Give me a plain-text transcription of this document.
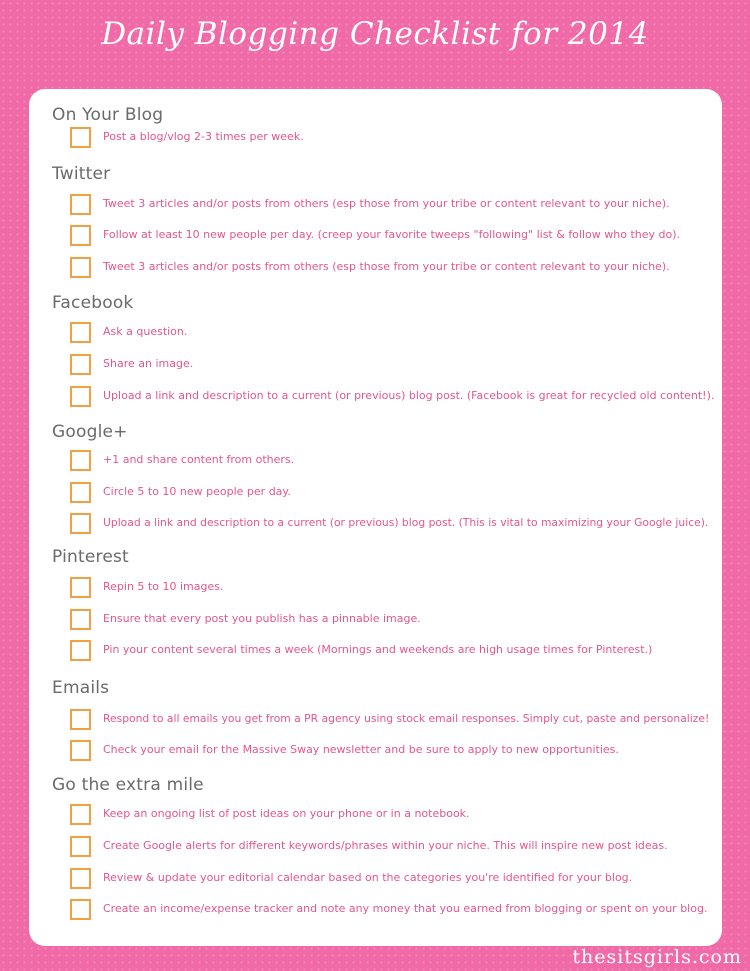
Daily Blogging Checklist for 2014
On Your Blog
Post a blog/vlog 2-3 times per week.
Twitter
Tweet 3 articles and/or posts from others (esp those from your tribe or content relevant to your niche).
Follow at least 10 new people per day. (creep your favorite tweeps "following" list & follow who they do).
Tweet 3 articles and/or posts from others (esp those from your tribe or content relevant to your niche).
Facebook
Ask a question.
Share an image.
Upload a link and description to a current (or previous) blog post. (Facebook is great for recycled old content!).
Google+
+1 and share content from others.
Circle 5 to 10 new people per day.
Upload a link and description to a current (or previous) blog post. (This is vital to maximizing your Google juice).
Pinterest
Repin 5 to 10 images.
Ensure that every post you publish has a pinnable image.
Pin your content several times a week (Mornings and weekends are high usage times for Pinterest.)
Emails
Respond to all emails you get from a PR agency using stock email responses. Simply cut, paste and personalize!
Check your email for the Massive Sway newsletter and be sure to apply to new opportunities.
Go the extra mile
Keep an ongoing list of post ideas on your phone or in a notebook.
Create Google alerts for different keywords/phrases within your niche. This will inspire new post ideas.
Review & update your editorial calendar based on the categories you're identified for your blog.
Create an income/expense tracker and note any money that you earned from blogging or spent on your blog.
thesitsgirls.com
